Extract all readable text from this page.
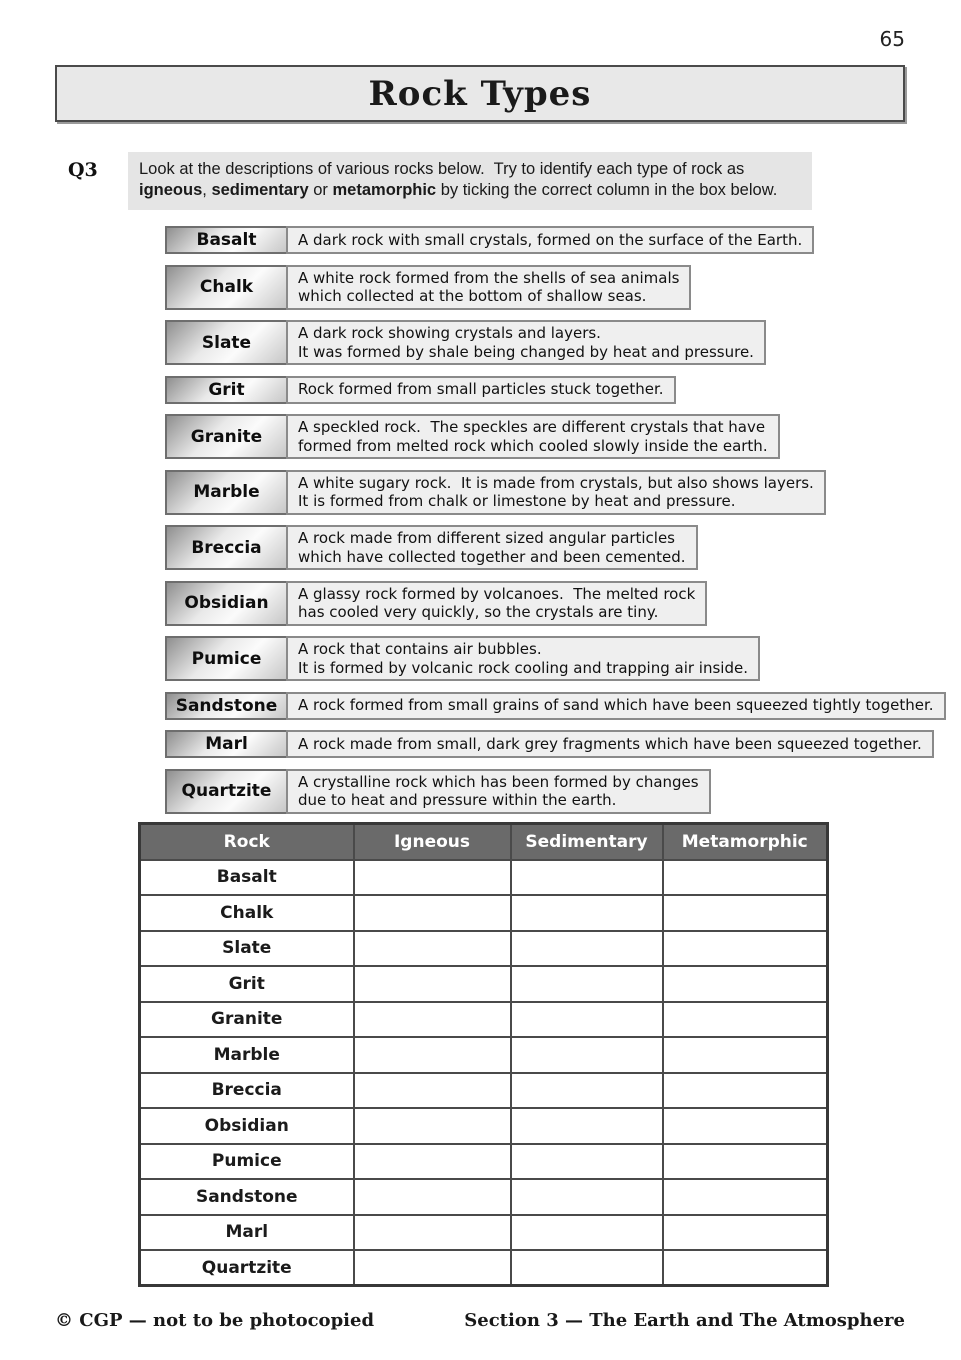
65
Rock Types
Q3	Look at the descriptions of various rocks below.  Try to identify each type of rock as
igneous, sedimentary or metamorphic by ticking the correct column in the box below.
Basalt	A dark rock with small crystals, formed on the surface of the Earth.
Chalk	A white rock formed from the shells of sea animals
which collected at the bottom of shallow seas.
Slate	A dark rock showing crystals and layers.
It was formed by shale being changed by heat and pressure.
Grit	Rock formed from small particles stuck together.
Granite	A speckled rock.  The speckles are different crystals that have
formed from melted rock which cooled slowly inside the earth.
Marble	A white sugary rock.  It is made from crystals, but also shows layers.
It is formed from chalk or limestone by heat and pressure.
Breccia	A rock made from different sized angular particles
which have collected together and been cemented.
Obsidian	A glassy rock formed by volcanoes.  The melted rock
has cooled very quickly, so the crystals are tiny.
Pumice	A rock that contains air bubbles.
It is formed by volcanic rock cooling and trapping air inside.
Sandstone	A rock formed from small grains of sand which have been squeezed tightly together.
Marl	A rock made from small, dark grey fragments which have been squeezed together.
Quartzite	A crystalline rock which has been formed by changes
due to heat and pressure within the earth.
Rock	Igneous	Sedimentary	Metamorphic
Basalt			
Chalk			
Slate			
Grit			
Granite			
Marble			
Breccia			
Obsidian			
Pumice			
Sandstone			
Marl			
Quartzite			
© CGP — not to be photocopied	Section 3 — The Earth and The Atmosphere
